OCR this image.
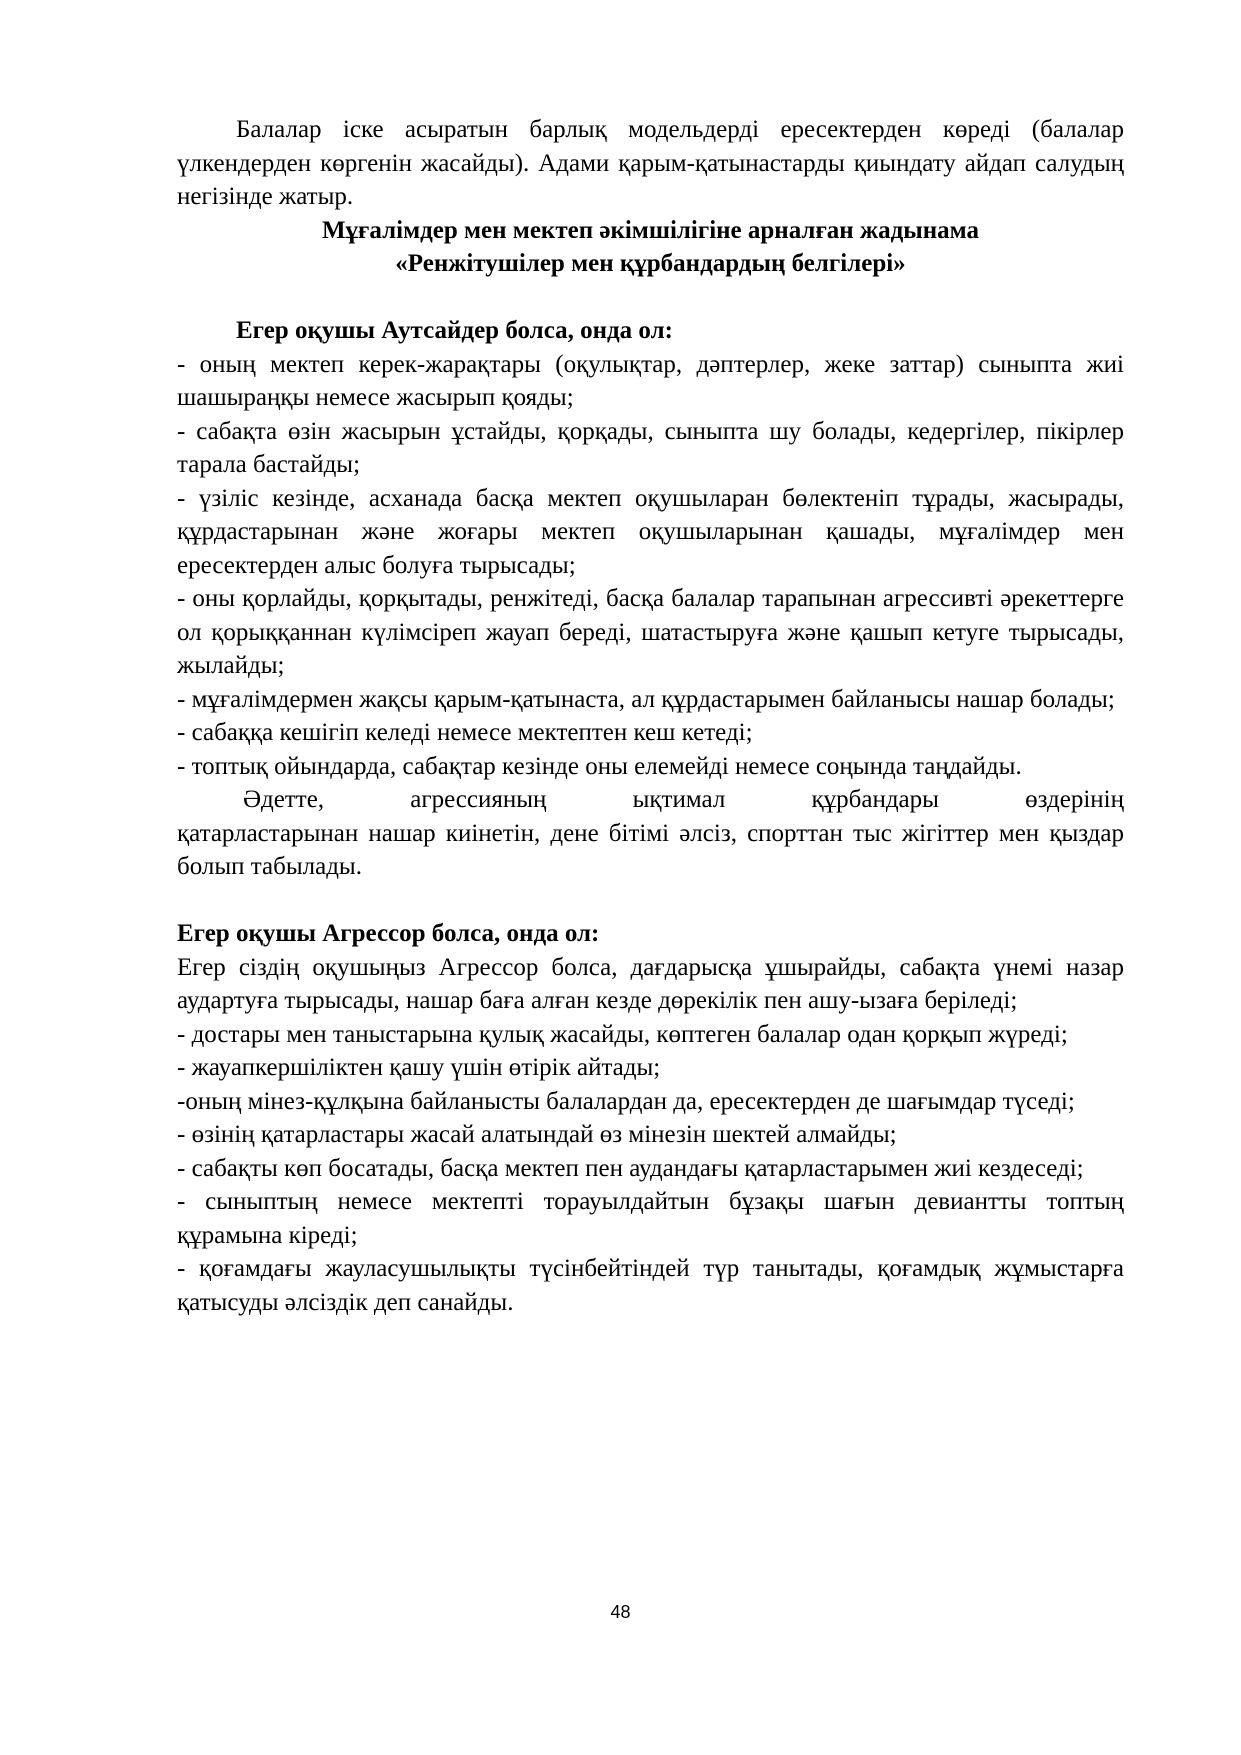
Балалар іске асыратын барлық модельдерді ересектерден көреді (балалар үлкендерден көргенін жасайды). Адами қарым-қатынастарды қиындату айдап салудың негізінде жатыр.

Мұғалімдер мен мектеп әкімшілігіне арналған жадынама

«Ренжітушілер мен құрбандардың белгілері»

Егер оқушы Аутсайдер болса, онда ол:

- оның мектеп керек-жарақтары (оқулықтар, дәптерлер, жеке заттар) сыныпта жиі шашыраңқы немесе жасырып қояды;

- сабақта өзін жасырын ұстайды, қорқады, сыныпта шу болады, кедергілер, пікірлер тарала бастайды;

- үзіліс кезінде, асханада басқа мектеп оқушыларан бөлектеніп тұрады, жасырады, құрдастарынан және жоғары мектеп оқушыларынан қашады, мұғалімдер мен ересектерден алыс болуға тырысады;

- оны қорлайды, қорқытады, ренжітеді, басқа балалар тарапынан агрессивті әрекеттерге ол қорыққаннан күлімсіреп жауап береді, шатастыруға және қашып кетуге тырысады, жылайды;

- мұғалімдермен жақсы қарым-қатынаста, ал құрдастарымен байланысы нашар болады;

- сабаққа кешігіп келеді немесе мектептен кеш кетеді;

- топтық ойындарда, сабақтар кезінде оны елемейді немесе соңында таңдайды.

Әдетте, агрессияның ықтимал құрбандары өздерінің

қатарластарынан нашар киінетін, дене бітімі әлсіз, спорттан тыс жігіттер мен қыздар болып табылады.

Егер оқушы Агрессор болса, онда ол:

Егер сіздің оқушыңыз Агрессор болса, дағдарысқа ұшырайды, сабақта үнемі назар аудартуға тырысады, нашар баға алған кезде дөрекілік пен ашу-ызаға беріледі;

- достары мен таныстарына қулық жасайды, көптеген балалар одан қорқып жүреді;

- жауапкершіліктен қашу үшін өтірік айтады;

-оның мінез-құлқына байланысты балалардан да, ересектерден де шағымдар түседі;

- өзінің қатарластары жасай алатындай өз мінезін шектей алмайды;

- сабақты көп босатады, басқа мектеп пен аудандағы қатарластарымен жиі кездеседі;

- сыныптың немесе мектепті торауылдайтын бұзақы шағын девиантты топтың құрамына кіреді;

- қоғамдағы жауласушылықты түсінбейтіндей түр танытады, қоғамдық жұмыстарға қатысуды әлсіздік деп санайды.

48
